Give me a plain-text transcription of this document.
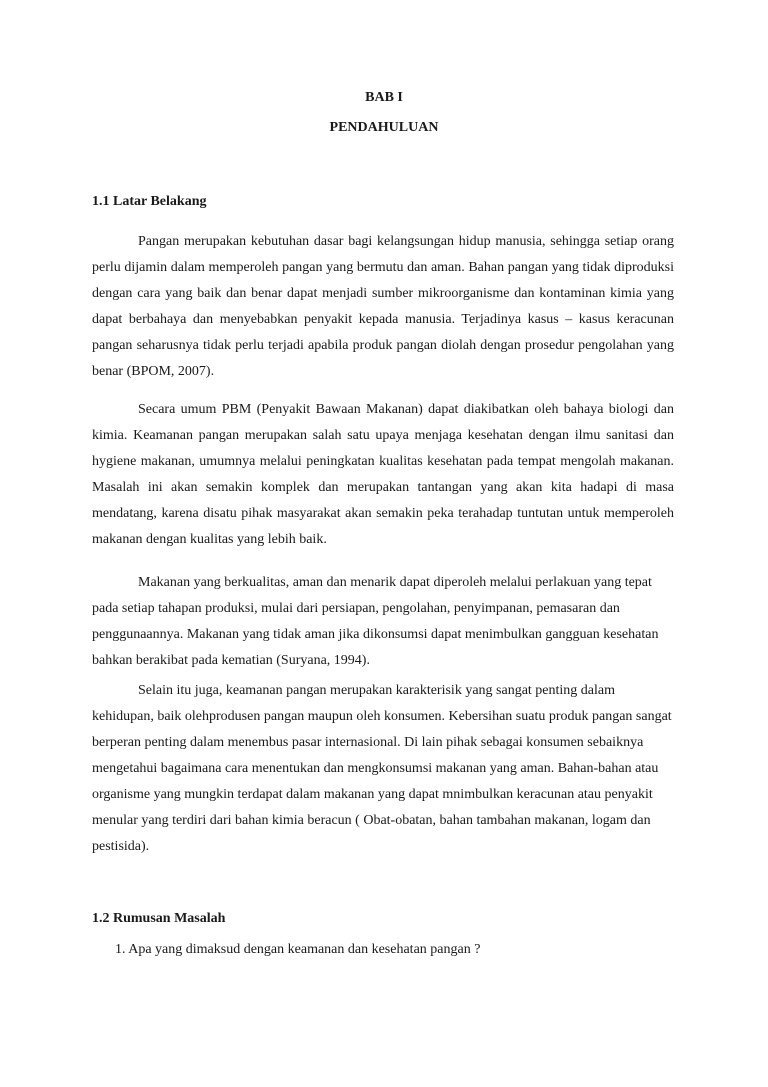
BAB I
PENDAHULUAN
1.1 Latar Belakang

Pangan merupakan kebutuhan dasar bagi kelangsungan hidup manusia, sehingga setiap orang perlu dijamin dalam memperoleh pangan yang bermutu dan aman. Bahan pangan yang tidak diproduksi dengan cara yang baik dan benar dapat menjadi sumber mikroorganisme dan kontaminan kimia yang dapat berbahaya dan menyebabkan penyakit kepada manusia. Terjadinya kasus – kasus keracunan pangan seharusnya tidak perlu terjadi apabila produk pangan diolah dengan prosedur pengolahan yang benar (BPOM, 2007).

Secara umum PBM (Penyakit Bawaan Makanan) dapat diakibatkan oleh bahaya biologi dan kimia. Keamanan pangan merupakan salah satu upaya menjaga kesehatan dengan ilmu sanitasi dan hygiene makanan, umumnya melalui peningkatan kualitas kesehatan pada tempat mengolah makanan. Masalah ini akan semakin komplek dan merupakan tantangan yang akan kita hadapi di masa mendatang, karena disatu pihak masyarakat akan semakin peka terahadap tuntutan untuk memperoleh makanan dengan kualitas yang lebih baik.

Makanan yang berkualitas, aman dan menarik dapat diperoleh melalui perlakuan yang tepat pada setiap tahapan produksi, mulai dari persiapan, pengolahan, penyimpanan, pemasaran dan penggunaannya. Makanan yang tidak aman jika dikonsumsi dapat menimbulkan gangguan kesehatan bahkan berakibat pada kematian (Suryana, 1994).

Selain itu juga, keamanan pangan merupakan karakterisik yang sangat penting dalam kehidupan, baik olehprodusen pangan maupun oleh konsumen. Kebersihan suatu produk pangan sangat berperan penting dalam menembus pasar internasional. Di lain pihak sebagai konsumen sebaiknya mengetahui bagaimana cara menentukan dan mengkonsumsi makanan yang aman. Bahan-bahan atau organisme yang mungkin terdapat dalam makanan yang dapat mnimbulkan keracunan atau penyakit menular yang terdiri dari bahan kimia beracun ( Obat-obatan, bahan tambahan makanan, logam dan pestisida).

1.2 Rumusan Masalah
1. Apa yang dimaksud dengan keamanan dan kesehatan pangan ?
